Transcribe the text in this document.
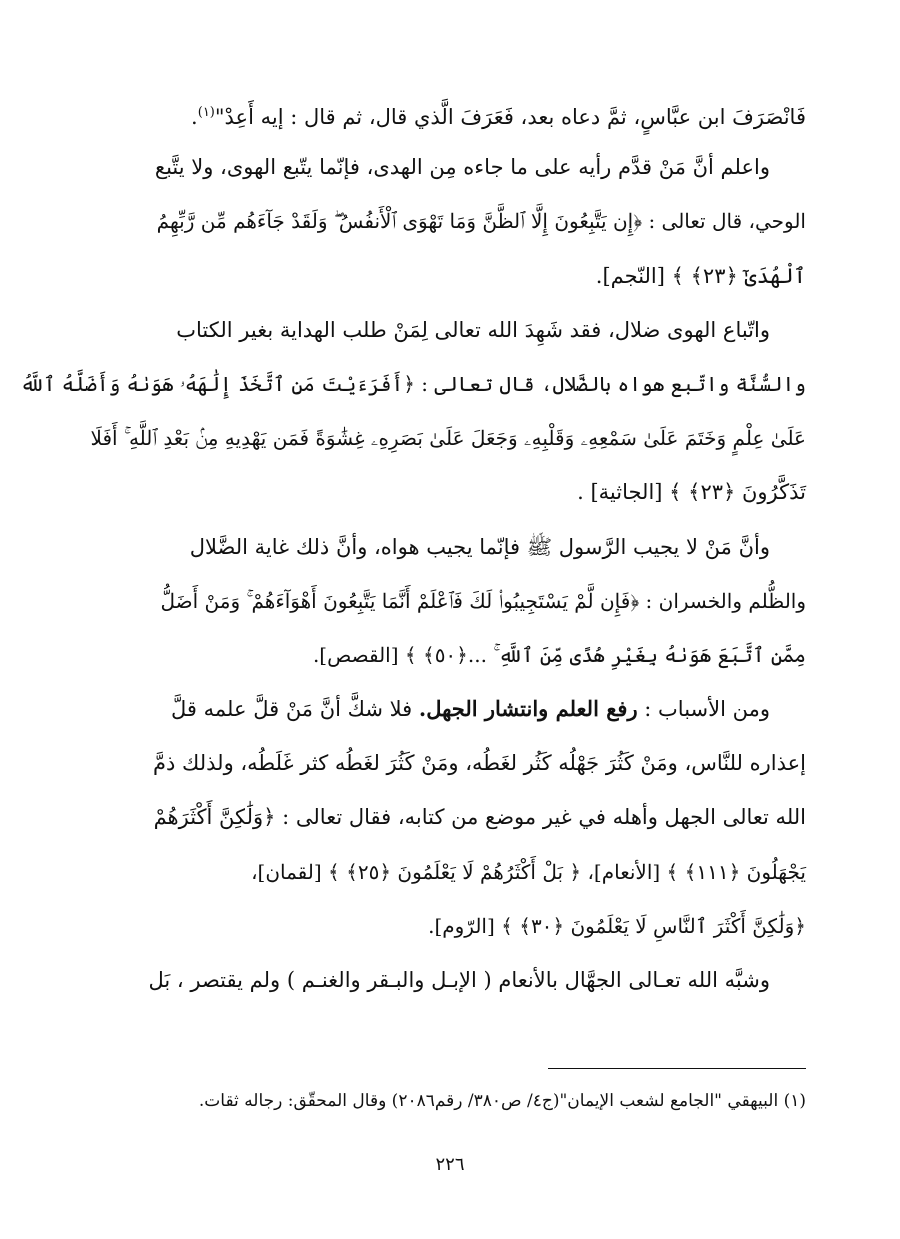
فَانْصَرَفَ ابن عبَّاسٍ، ثمَّ دعاه بعد، فَعَرَفَ الَّذي قال، ثم قال : إيه أَعِدْ"$^{(١)}$.
واعلم أنَّ مَنْ قدَّم رأيه على ما جاءه مِن الهدى، فإنّما يتّبع الهوى، ولا يتَّبع
الوحي، قال تعالى : ﴿إِن يَتَّبِعُونَ إِلَّا ٱلظَّنَّ وَمَا تَهْوَى ٱلْأَنفُسُ ۖ وَلَقَدْ جَآءَهُم مِّن رَّبِّهِمُ
ٱلْهُدَىٰٓ ﴿٢٣﴾ ﴾ [النّجم].
واتّباع الهوى ضلال، فقد شَهِدَ الله تعالى لِمَنْ طلب الهداية بغير الكتاب
والسُّنَّة واتّبع هواه بالضَّلال، قال تعالى : ﴿أَفَرَءَيْتَ مَنِ ٱتَّخَذَ إِلَٰهَهُۥ هَوَىٰهُ وَأَضَلَّهُ ٱللَّهُ
عَلَىٰ عِلْمٍ وَخَتَمَ عَلَىٰ سَمْعِهِۦ وَقَلْبِهِۦ وَجَعَلَ عَلَىٰ بَصَرِهِۦ غِشَٰوَةً فَمَن يَهْدِيهِ مِنۢ بَعْدِ ٱللَّهِ ۚ أَفَلَا
تَذَكَّرُونَ ﴿٢٣﴾ ﴾ [الجاثية] .
وأنَّ مَنْ لا يجيب الرَّسول ﷺ فإنّما يجيب هواه، وأنَّ ذلك غاية الضَّلال
والظُّلم والخسران : ﴿فَإِن لَّمْ يَسْتَجِيبُوا۟ لَكَ فَٱعْلَمْ أَنَّمَا يَتَّبِعُونَ أَهْوَآءَهُمْ ۚ وَمَنْ أَضَلُّ
مِمَّنِ ٱتَّبَعَ هَوَىٰهُ بِغَيْرِ هُدًى مِّنَ ٱللَّهِ ۚ ...﴿٥٠﴾ ﴾ [القصص].
ومن الأسباب : رفع العلم وانتشار الجهل. فلا شكَّ أنَّ مَنْ قلَّ علمه قلَّ
إعذاره للنَّاس، ومَنْ كَثُرَ جَهْلُه كَثُر لغَطُه، ومَنْ كَثُرَ لغَطُه كثر غَلَطُه، ولذلك ذمَّ
الله تعالى الجهل وأهله في غير موضع من كتابه، فقال تعالى : ﴿وَلَٰكِنَّ أَكْثَرَهُمْ
يَجْهَلُونَ ﴿١١١﴾ ﴾ [الأنعام]، ﴿ بَلْ أَكْثَرُهُمْ لَا يَعْلَمُونَ ﴿٢٥﴾ ﴾ [لقمان]،
﴿وَلَٰكِنَّ أَكْثَرَ ٱلنَّاسِ لَا يَعْلَمُونَ ﴿٣٠﴾ ﴾ [الرّوم].
وشبَّه الله تعـالى الجهَّال بالأنعام ( الإبـل والبـقر والغنـم ) ولم يقتصر ، بَل
(١) البيهقي "الجامع لشعب الإيمان"(ج٤/ ص٣٨٠/ رقم٢٠٨٦) وقال المحقّق: رجاله ثقات.
٢٢٦
